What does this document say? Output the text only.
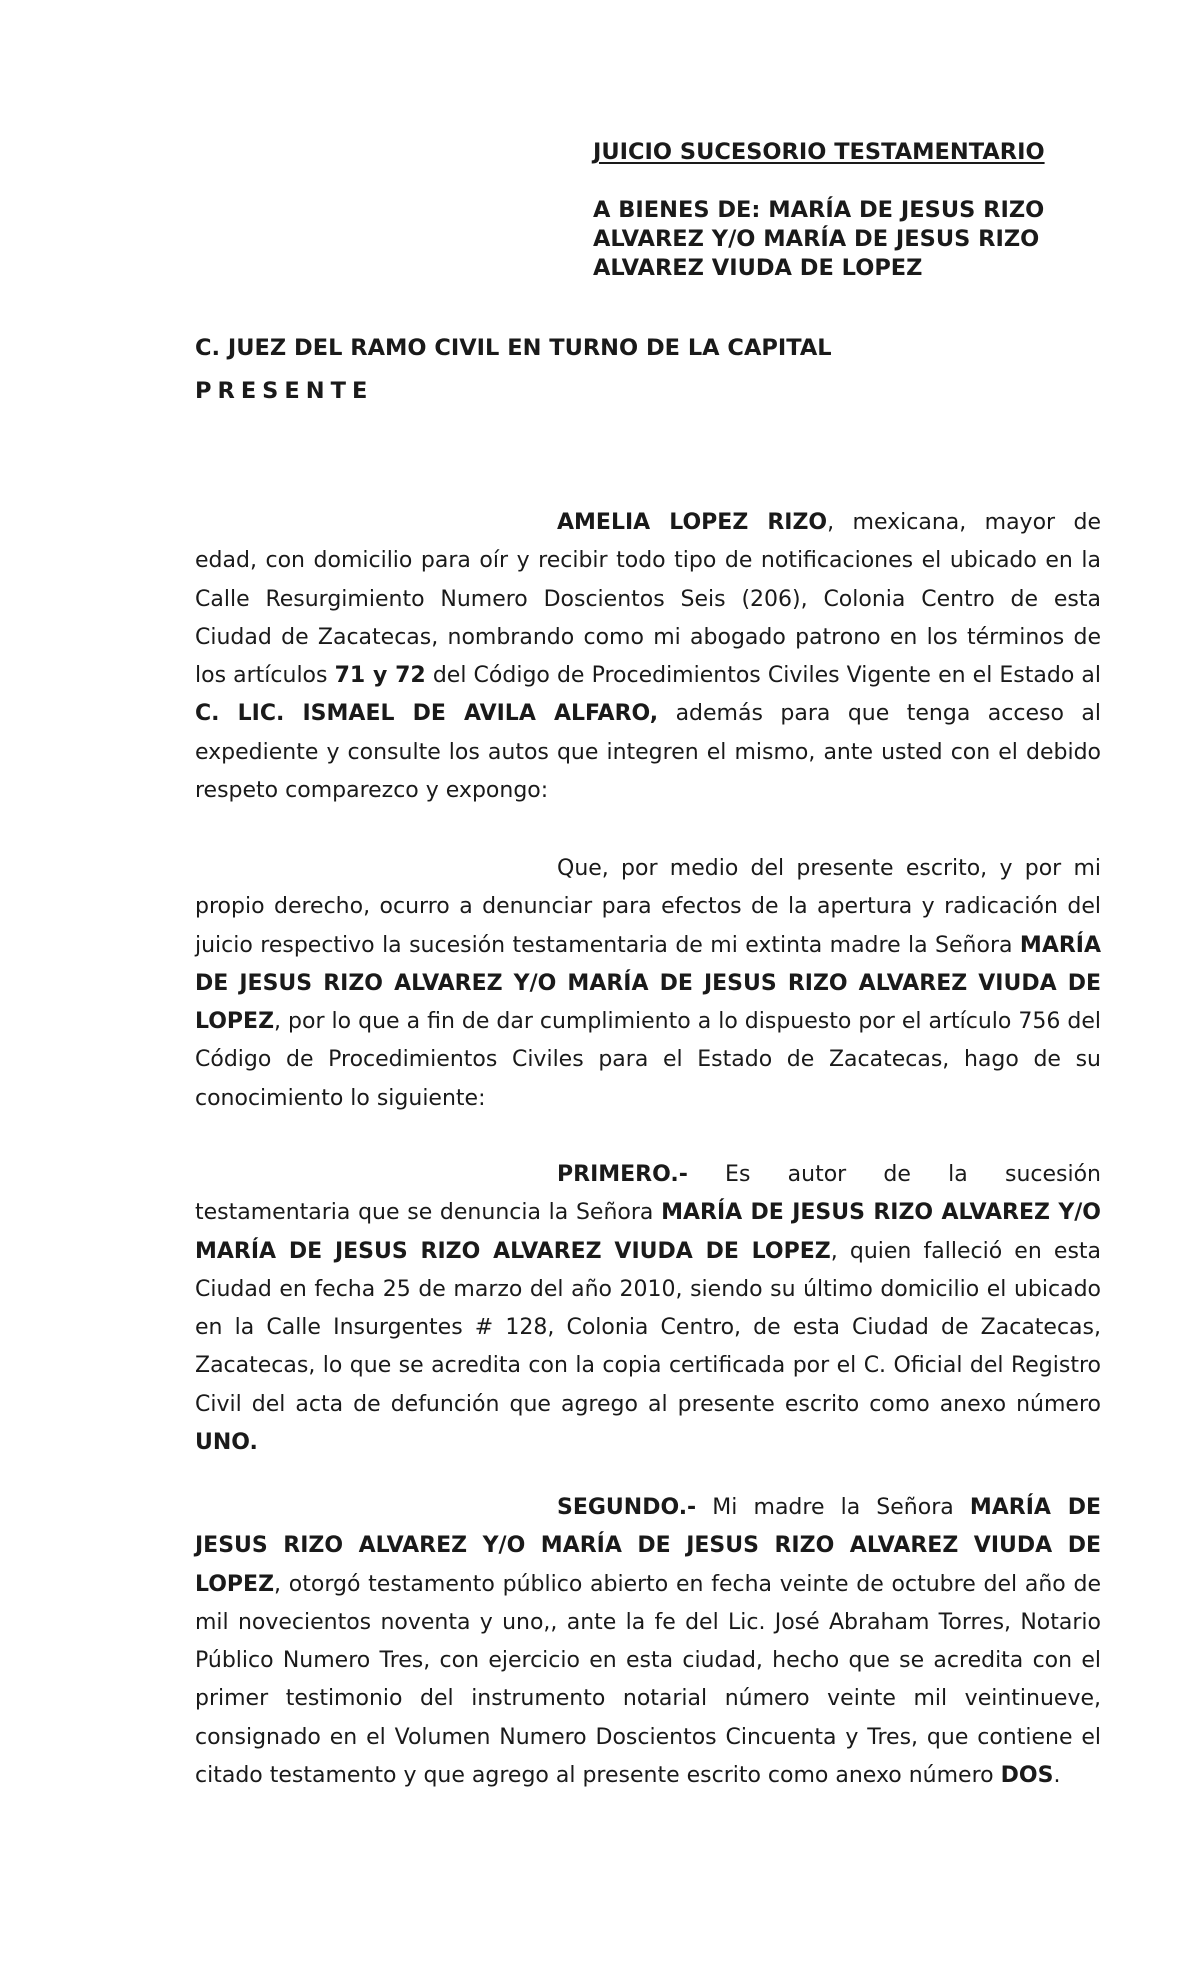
JUICIO SUCESORIO TESTAMENTARIO

A BIENES DE: MARÍA DE JESUS RIZO

ALVAREZ Y/O MARÍA DE JESUS RIZO

ALVAREZ VIUDA DE LOPEZ

C. JUEZ DEL RAMO CIVIL EN TURNO DE LA CAPITAL
PRESENTE

AMELIA LOPEZ RIZO, mexicana, mayor de edad, con domicilio para oír y recibir todo tipo de notificaciones el ubicado en la Calle Resurgimiento Numero Doscientos Seis (206), Colonia Centro de esta Ciudad de Zacatecas, nombrando como mi abogado patrono en los términos de los artículos 71 y 72 del Código de Procedimientos Civiles Vigente en el Estado al C. LIC. ISMAEL DE AVILA ALFARO, además para que tenga acceso al expediente y consulte los autos que integren el mismo, ante usted con el debido respeto comparezco y expongo:

Que, por medio del presente escrito, y por mi propio derecho, ocurro a denunciar para efectos de la apertura y radicación del juicio respectivo la sucesión testamentaria de mi extinta madre la Señora MARÍA DE JESUS RIZO ALVAREZ Y/O MARÍA DE JESUS RIZO ALVAREZ VIUDA DE LOPEZ, por lo que a fin de dar cumplimiento a lo dispuesto por el artículo 756 del Código de Procedimientos Civiles para el Estado de Zacatecas, hago de su conocimiento lo siguiente:

PRIMERO.- Es autor de la sucesión testamentaria que se denuncia la Señora MARÍA DE JESUS RIZO ALVAREZ Y/O MARÍA DE JESUS RIZO ALVAREZ VIUDA DE LOPEZ, quien falleció en esta Ciudad en fecha 25 de marzo del año 2010, siendo su último domicilio el ubicado en la Calle Insurgentes # 128, Colonia Centro, de esta Ciudad de Zacatecas, Zacatecas, lo que se acredita con la copia certificada por el C. Oficial del Registro Civil del acta de defunción que agrego al presente escrito como anexo número UNO.

SEGUNDO.- Mi madre la Señora MARÍA DE JESUS RIZO ALVAREZ Y/O MARÍA DE JESUS RIZO ALVAREZ VIUDA DE LOPEZ, otorgó testamento público abierto en fecha veinte de octubre del año de mil novecientos noventa y uno,, ante la fe del Lic. José Abraham Torres, Notario Público Numero Tres, con ejercicio en esta ciudad, hecho que se acredita con el primer testimonio del instrumento notarial número veinte mil veintinueve, consignado en el Volumen Numero Doscientos Cincuenta y Tres, que contiene el citado testamento y que agrego al presente escrito como anexo número DOS.
